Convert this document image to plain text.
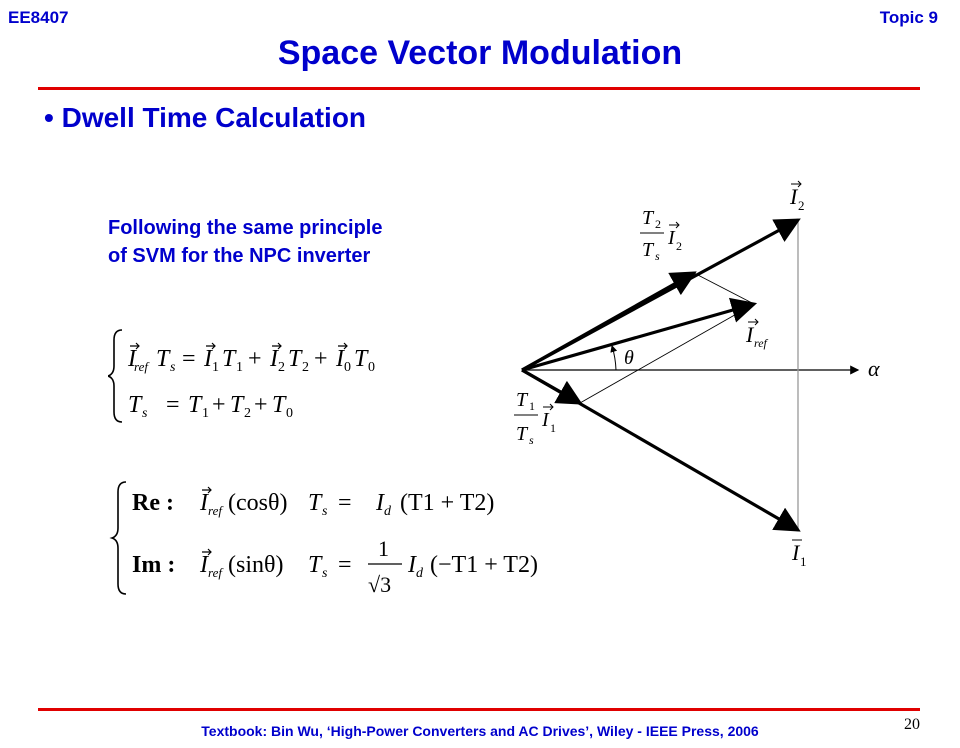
EE8407	Topic 9
Space Vector Modulation
• Dwell Time Calculation
Following the same principle
of SVM for the NPC inverter
I
ref T s = I 1 T 1 + I 2 T 2 + I 0 T 0
T s = T 1 + T 2 + T 0
Re : I ref (cosθ) T s = I d (T1 + T2)
Im : I ref (sinθ) T s =
1
√3
I d (−T1 + T2)
I 2
I 1
I ref
θ	α
T 2
T s
I 2
T 1
T s
I 1
Textbook: Bin Wu, ‘High-Power Converters and AC Drives’, Wiley - IEEE Press, 2006	20
